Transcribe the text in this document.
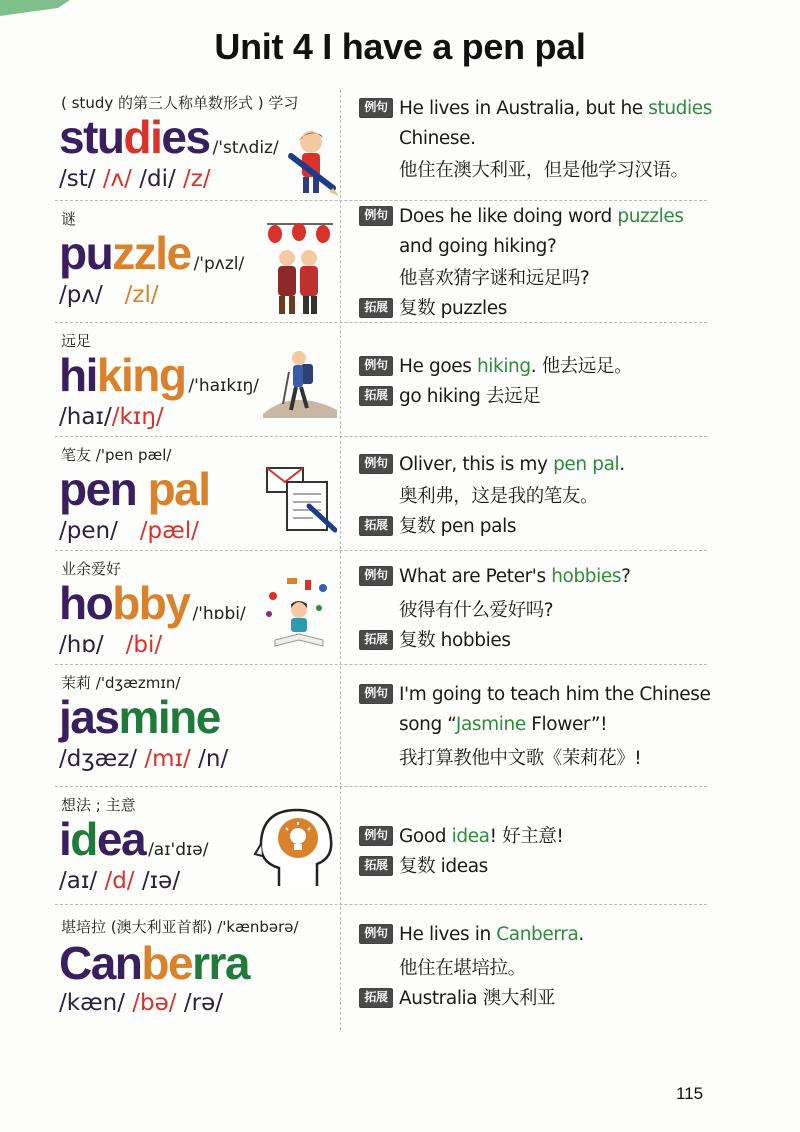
Unit 4 I have a pen pal
( study 的第三人称单数形式 ) 学习
studies /'stʌdiz/
/st/ /ʌ/ /di/ /z/
例句 He lives in Australia, but he studies
Chinese.
他住在澳大利亚，但是他学习汉语。
谜
puzzle /'pʌzl/
/pʌ/ /zl/
例句 Does he like doing word puzzles
and going hiking?
他喜欢猜字谜和远足吗?
拓展 复数 puzzles
远足
hiking /'haɪkɪŋ/
/haɪ//kɪŋ/
例句 He goes hiking. 他去远足。
拓展 go hiking 去远足
笔友 /'pen pæl/
pen pal
/pen/ /pæl/
例句 Oliver, this is my pen pal.
奥利弗，这是我的笔友。
拓展 复数 pen pals
业余爱好
hobby /'hɒbi/
/hɒ/ /bi/
例句 What are Peter's hobbies?
彼得有什么爱好吗?
拓展 复数 hobbies
茉莉 /'dʒæzmɪn/
jasmine
/dʒæz/ /mɪ/ /n/
例句 I'm going to teach him the Chinese
song “Jasmine Flower”!
我打算教他中文歌《茉莉花》!
想法 ; 主意
idea /aɪ'dɪə/
/aɪ/ /d/ /ɪə/
例句 Good idea! 好主意!
拓展 复数 ideas
堪培拉 (澳大利亚首都) /'kænbərə/
Canberra
/kæn/ /bə/ /rə/
例句 He lives in Canberra.
他住在堪培拉。
拓展 Australia 澳大利亚
115
